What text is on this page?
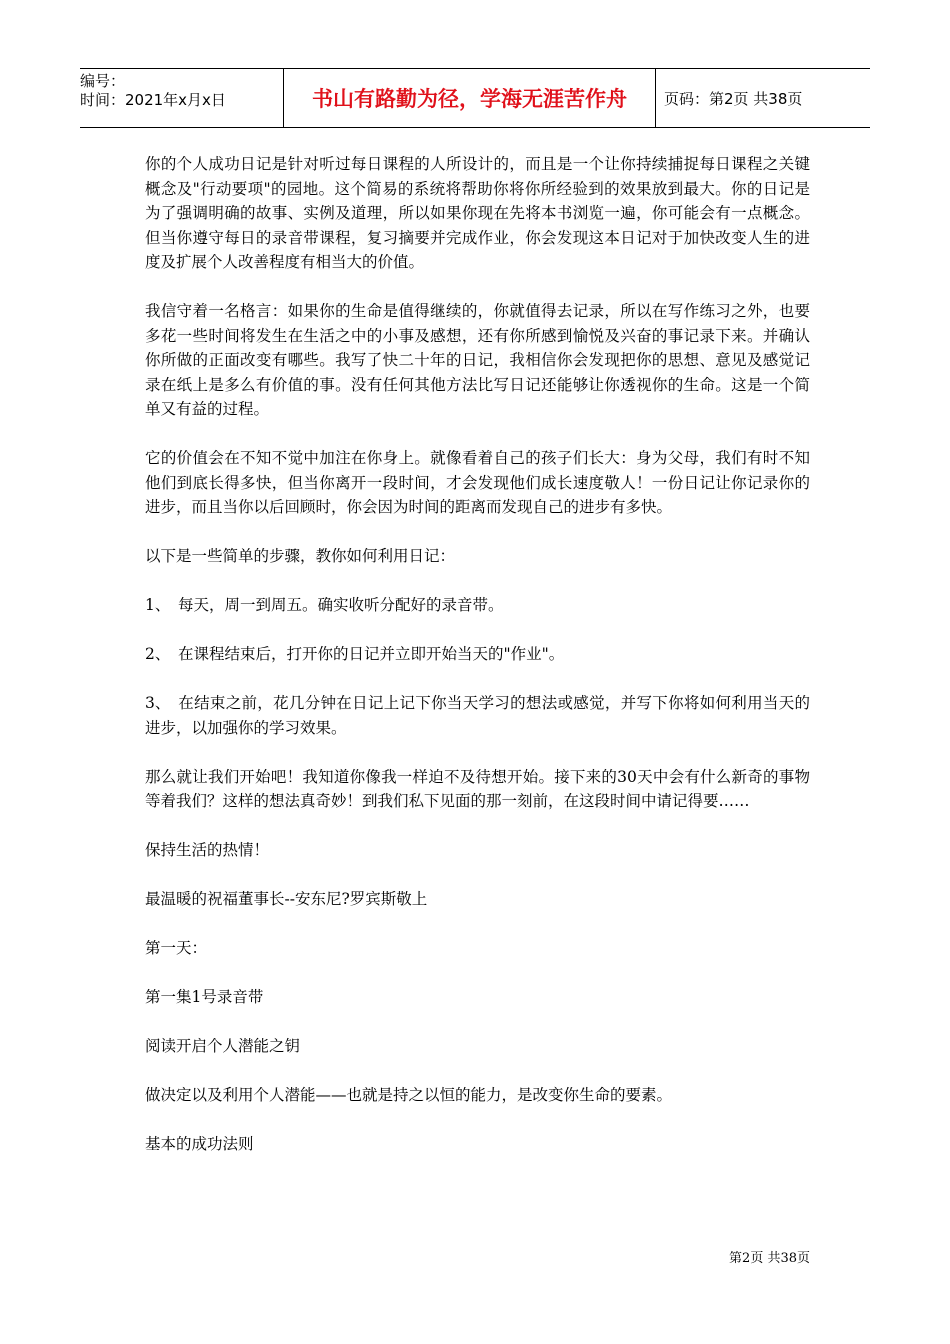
编号：
时间：2021年x月x日	书山有路勤为径，学海无涯苦作舟 页码：第2页 共38页

你的个人成功日记是针对听过每日课程的人所设计的，而且是一个让你持续捕捉每日课程之关键概念及"行动要项"的园地。这个简易的系统将帮助你将你所经验到的效果放到最大。你的日记是为了强调明确的故事、实例及道理，所以如果你现在先将本书浏览一遍，你可能会有一点概念。但当你遵守每日的录音带课程，复习摘要并完成作业，你会发现这本日记对于加快改变人生的进度及扩展个人改善程度有相当大的价值。

我信守着一名格言：如果你的生命是值得继续的，你就值得去记录，所以在写作练习之外，也要多花一些时间将发生在生活之中的小事及感想，还有你所感到愉悦及兴奋的事记录下来。并确认你所做的正面改变有哪些。我写了快二十年的日记，我相信你会发现把你的思想、意见及感觉记录在纸上是多么有价值的事。没有任何其他方法比写日记还能够让你透视你的生命。这是一个简单又有益的过程。

它的价值会在不知不觉中加注在你身上。就像看着自己的孩子们长大：身为父母，我们有时不知他们到底长得多快，但当你离开一段时间，才会发现他们成长速度敬人！一份日记让你记录你的进步，而且当你以后回顾时，你会因为时间的距离而发现自己的进步有多快。

以下是一些简单的步骤，教你如何利用日记：

1、 每天，周一到周五。确实收听分配好的录音带。

2、 在课程结束后，打开你的日记并立即开始当天的"作业"。

3、 在结束之前，花几分钟在日记上记下你当天学习的想法或感觉，并写下你将如何利用当天的进步，以加强你的学习效果。

那么就让我们开始吧！我知道你像我一样迫不及待想开始。接下来的30天中会有什么新奇的事物等着我们？这样的想法真奇妙！到我们私下见面的那一刻前，在这段时间中请记得要……

保持生活的热情！

最温暖的祝福董事长--安东尼?罗宾斯敬上

第一天：

第一集1号录音带

阅读开启个人潜能之钥

做决定以及利用个人潜能——也就是持之以恒的能力，是改变你生命的要素。

基本的成功法则

第2页 共38页
